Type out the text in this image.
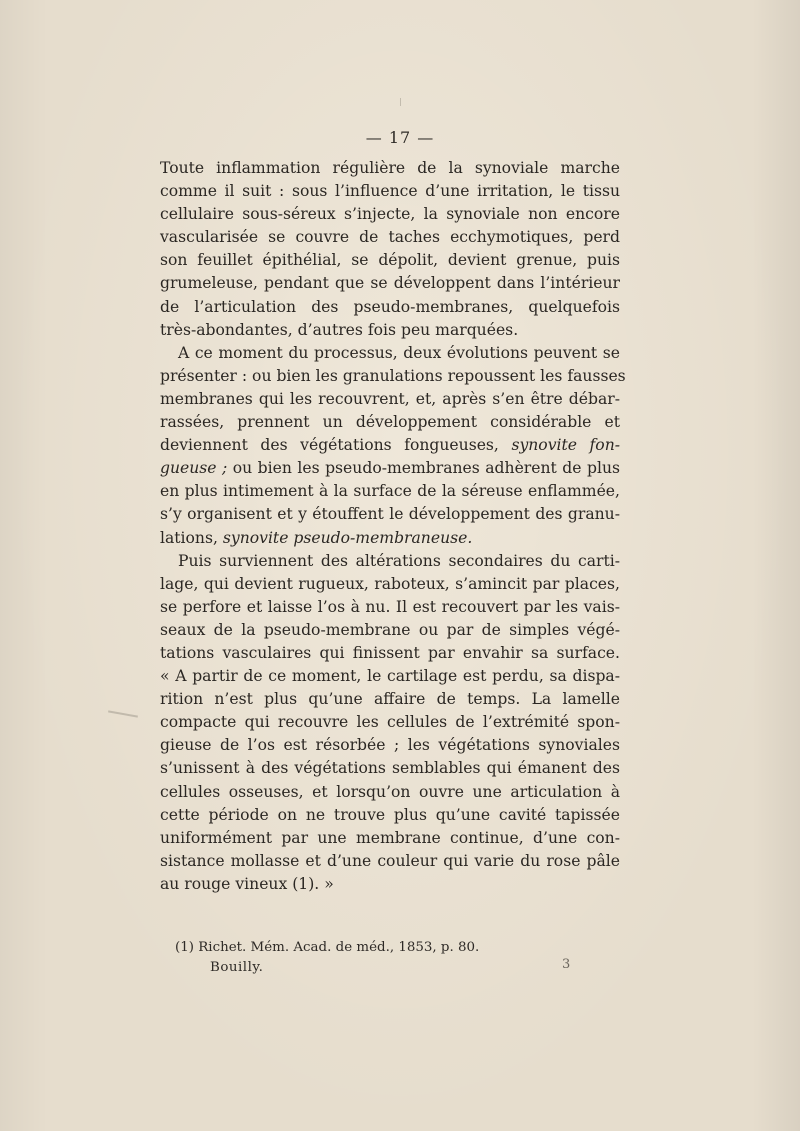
— 17 —
Toute inflammation régulière de la synoviale marche
comme il suit : sous l’influence d’une irritation, le tissu
cellulaire sous-séreux s’injecte, la synoviale non encore
vascularisée se couvre de taches ecchymotiques, perd
son feuillet épithélial, se dépolit, devient grenue, puis
grumeleuse, pendant que se développent dans l’intérieur
de l’articulation des pseudo-membranes, quelquefois
très-abondantes, d’autres fois peu marquées.
A ce moment du processus, deux évolutions peuvent se
présenter : ou bien les granulations repoussent les fausses
membranes qui les recouvrent, et, après s’en être débar-
rassées, prennent un développement considérable et
deviennent des végétations fongueuses, synovite fon-
gueuse ; ou bien les pseudo-membranes adhèrent de plus
en plus intimement à la surface de la séreuse enflammée,
s’y organisent et y étouffent le développement des granu-
lations, synovite pseudo-membraneuse.
Puis surviennent des altérations secondaires du carti-
lage, qui devient rugueux, raboteux, s’amincit par places,
se perfore et laisse l’os à nu. Il est recouvert par les vais-
seaux de la pseudo-membrane ou par de simples végé-
tations vasculaires qui finissent par envahir sa surface.
« A partir de ce moment, le cartilage est perdu, sa dispa-
rition n’est plus qu’une affaire de temps. La lamelle
compacte qui recouvre les cellules de l’extrémité spon-
gieuse de l’os est résorbée ; les végétations synoviales
s’unissent à des végétations semblables qui émanent des
cellules osseuses, et lorsqu’on ouvre une articulation à
cette période on ne trouve plus qu’une cavité tapissée
uniformément par une membrane continue, d’une con-
sistance mollasse et d’une couleur qui varie du rose pâle
au rouge vineux (1). »
(1) Richet. Mém. Acad. de méd., 1853, p. 80.
Bouilly.	3
